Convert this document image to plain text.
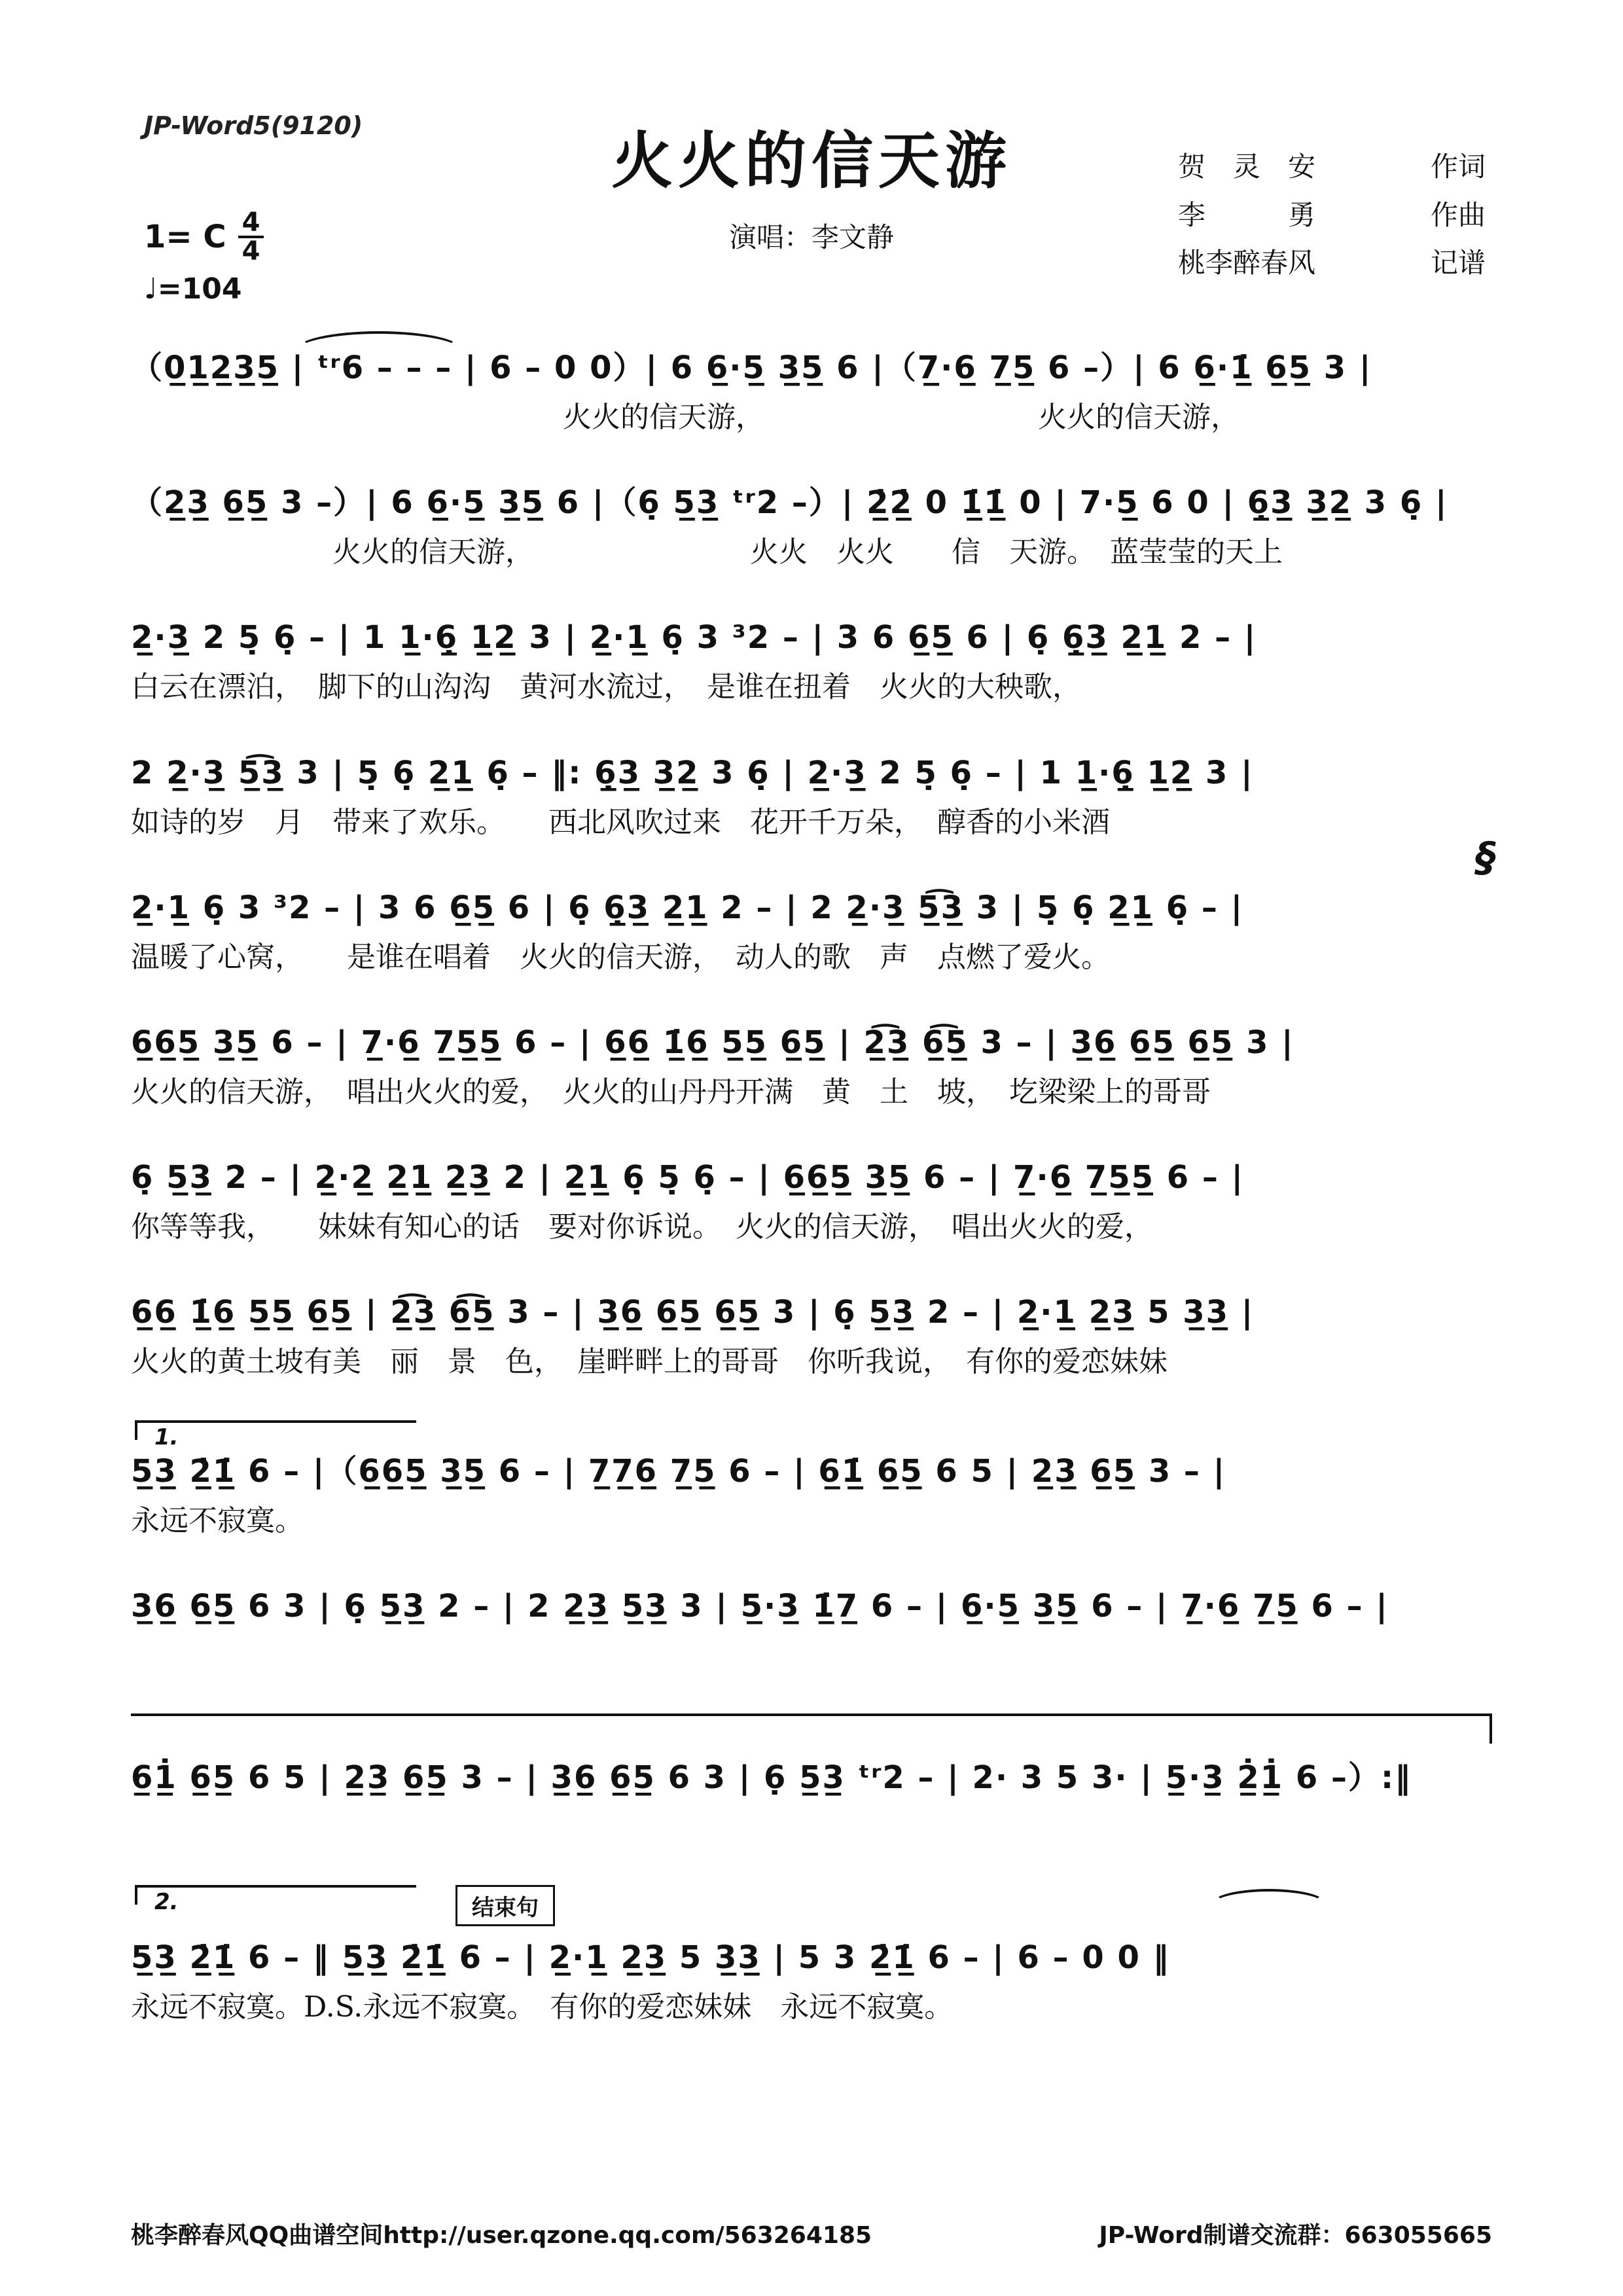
JP-Word5(9120)	火火的信天游
演唱：李文静
1= C 4
4
♩=104
贺　灵　安	作词
李　　　勇	作曲
桃李醉春风	记谱
（0̲1̲2̲3̲5̲ | ᵗʳ6 – – – | 6 – 0 0）| 6 6̲·5̲ 3̲5̲ 6 |（7̲·6̲ 7̲5̲ 6 –）| 6 6̲·1̲̇ 6̲5̲ 3 |
　　　　　　　　　　　　　　　火火的信天游，　　　　　　　　　　火火的信天游，
（2̲3̲ 6̲5̲ 3 –）| 6 6̲·5̲ 3̲5̲ 6 |（6̣ 5̲3̲ ᵗʳ2 –）| 2̲̇2̲̇ 0 1̲̇1̲̇ 0 | 7·5̲ 6 0 | 6̣̲3̲ 3̲2̲ 3 6̣ |
　　　　　　　火火的信天游，　　　　　　　　火火　火火　　信　天游。　蓝莹莹的天上
2̲·3̲ 2 5̣ 6̣ – | 1 1̲·6̣̲ 1̲2̲ 3 | 2̲·1̲ 6̣ 3 ³2 – | 3 6 6̲5̲ 6 | 6̣ 6̣̲3̲ 2̲1̲ 2 – |
白云在漂泊，　脚下的山沟沟　黄河水流过，　是谁在扭着　火火的大秧歌，
2 2̲·3̲ 5̲͡3̲ 3 | 5̣ 6̣ 2̲1̲ 6̣ – ‖: 6̣̲3̲ 3̲2̲ 3 6̣ | 2̲·3̲ 2 5̣ 6̣ – | 1 1̲·6̣̲ 1̲2̲ 3 |
如诗的岁　月　带来了欢乐。　　西北风吹过来　花开千万朵，　醇香的小米酒
§
2̲·1̲ 6̣ 3 ³2 – | 3 6 6̲5̲ 6 | 6̣ 6̣̲3̲ 2̲1̲ 2 – | 2 2̲·3̲ 5̲͡3̲ 3 | 5̣ 6̣ 2̲1̲ 6̣ – |
温暖了心窝，　　是谁在唱着　火火的信天游，　动人的歌　声　点燃了爱火。
6̲6̲5̲ 3̲5̲ 6 – | 7̲·6̲ 7̲5̲5̲ 6 – | 6̲6̲ 1̲̇6̲ 5̲5̲ 6̲5̲ | 2̲͡3̲ 6̲͡5̲ 3 – | 3̲6̲ 6̲5̲ 6̲5̲ 3 |
火火的信天游，　唱出火火的爱，　火火的山丹丹开满　黄　土　坡，　圪梁梁上的哥哥
6̣ 5̲3̲ 2 – | 2̲·2̲ 2̲1̲ 2̲3̲ 2 | 2̲1̲ 6̣ 5̣ 6̣ – | 6̲6̲5̲ 3̲5̲ 6 – | 7̲·6̲ 7̲5̲5̲ 6 – |
你等等我，　　妹妹有知心的话　要对你诉说。　火火的信天游，　唱出火火的爱，
6̲6̲ 1̲̇6̲ 5̲5̲ 6̲5̲ | 2̲͡3̲ 6̲͡5̲ 3 – | 3̲6̲ 6̲5̲ 6̲5̲ 3 | 6̣ 5̲3̲ 2 – | 2̲·1̲ 2̲3̲ 5 3̲3̲ |
火火的黄土坡有美　丽　景　色，　崖畔畔上的哥哥　你听我说，　有你的爱恋妹妹
1.
5̲3̲ 2̲̇1̲̇ 6 – |（6̲6̲5̲ 3̲5̲ 6 – | 7̲7̲6̲ 7̲5̲ 6 – | 6̲1̲̇ 6̲5̲ 6 5 | 2̲3̲ 6̲5̲ 3 – |
永远不寂寞。
3̲6̲ 6̲5̲ 6 3 | 6̣ 5̲3̲ 2 – | 2 2̲3̲ 5̲3̲ 3 | 5̲·3̲ 1̲̇7̲ 6 – | 6̲·5̲ 3̲5̲ 6 – | 7̲·6̲ 7̲5̲ 6 – |
6̲1̲̇ 6̲5̲ 6 5 | 2̲3̲ 6̲5̲ 3 – | 3̲6̲ 6̲5̲ 6 3 | 6̣ 5̲3̲ ᵗʳ2 – | 2· 3 5 3· | 5̲·3̲ 2̲̇1̲̇ 6 –）:‖
2.	结束句
5̲3̲ 2̲̇1̲̇ 6 – ‖ 5̲3̲ 2̲̇1̲̇ 6 – | 2̲·1̲ 2̲3̲ 5 3̲3̲ | 5 3 2̲̇1̲̇ 6 – | 6 – 0 0 ‖
永远不寂寞。D.S.永远不寂寞。　有你的爱恋妹妹　永远不寂寞。
桃李醉春风QQ曲谱空间http://user.qzone.qq.com/563264185	JP-Word制谱交流群：663055665
